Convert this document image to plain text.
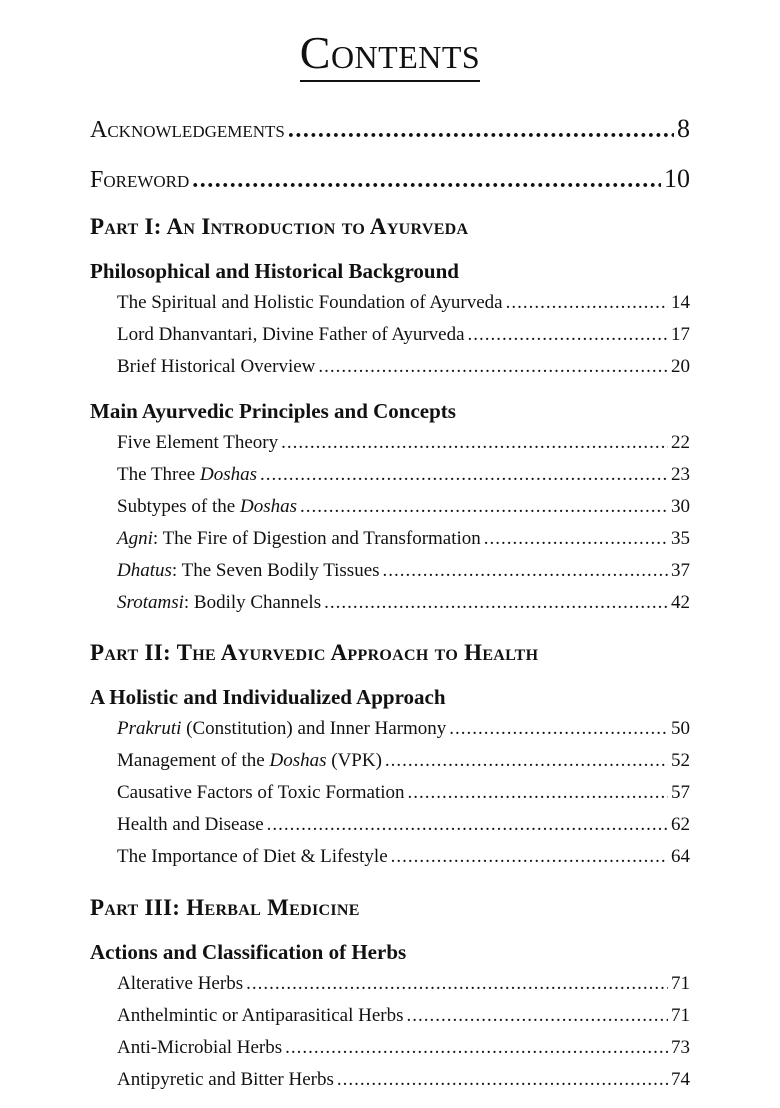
Contents
Acknowledgements .....	8
Foreword .....	10
Part I: An Introduction to Ayurveda
Philosophical and Historical Background
The Spiritual and Holistic Foundation of Ayurveda .....	14
Lord Dhanvantari, Divine Father of Ayurveda .....	17
Brief Historical Overview .....	20
Main Ayurvedic Principles and Concepts
Five Element Theory .....	22
The Three Doshas .....	23
Subtypes of the Doshas .....	30
Agni: The Fire of Digestion and Transformation .....	35
Dhatus: The Seven Bodily Tissues .....	37
Srotamsi: Bodily Channels .....	42
Part II: The Ayurvedic Approach to Health
A Holistic and Individualized Approach
Prakruti (Constitution) and Inner Harmony .....	50
Management of the Doshas (VPK) .....	52
Causative Factors of Toxic Formation .....	57
Health and Disease .....	62
The Importance of Diet & Lifestyle .....	64
Part III: Herbal Medicine
Actions and Classification of Herbs
Alterative Herbs .....	71
Anthelmintic or Antiparasitical Herbs .....	71
Anti-Microbial Herbs .....	73
Antipyretic and Bitter Herbs .....	74
